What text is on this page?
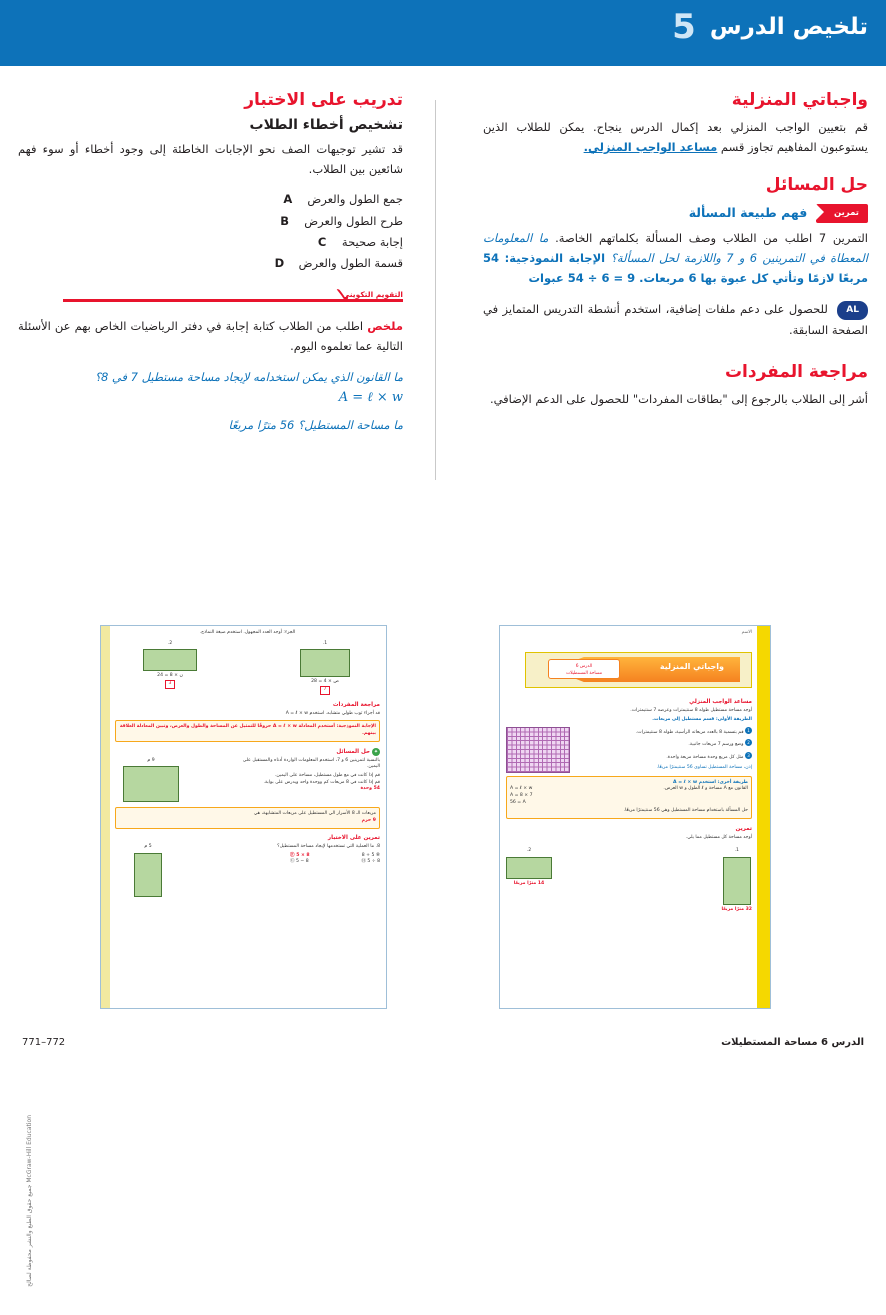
تلخيص الدرس
5
واجباتي المنزلية

قم بتعيين الواجب المنزلي بعد إكمال الدرس ينجاح. يمكن للطلاب الذين يستوعبون المفاهيم تجاوز قسم مساعد الواجب المنزلي.

حل المسائل

تمرين فهم طبيعة المسألة

التمرين 7 اطلب من الطلاب وصف المسألة بكلماتهم الخاصة. ما المعلومات المعطاة في التمرينين 6 و 7 واللازمة لحل المسألة؟ الإجابة النموذجية: 54 مربعًا لازمًا وتأتي كل عبوة بها 6 مربعات. 9 = 6 ÷ 54 عبوات

AL للحصول على دعم ملفات إضافية، استخدم أنشطة التدريس المتمايز في الصفحة السابقة.

مراجعة المفردات

أشر إلى الطلاب بالرجوع إلى "بطاقات المفردات" للحصول على الدعم الإضافي.

تدريب على الاختبار
تشخيص أخطاء الطلاب

قد تشير توجيهات الصف نحو الإجابات الخاطئة إلى وجود أخطاء أو سوء فهم شائعين بين الطلاب.

A	جمع الطول والعرض
B	طرح الطول والعرض
C	إجابة صحيحة
D	قسمة الطول والعرض
التقويم التكويني
✓

ملخص اطلب من الطلاب كتابة إجابة في دفتر الرياضيات الخاص بهم عن الأسئلة التالية عما تعلموه اليوم.

ما القانون الذي يمكن استخدامه لإيجاد مساحة مستطيل 7 في 8؟

A = ℓ × w

ما مساحة المستطيل؟ 56 مترًا مربعًا

الاسم
واجباتي المنزلية
الدرس 6
مساحة المستطيلات
مساعد الواجب المنزلي
أوجد مساحة مستطيل طوله 8 سنتيمترات وعرضه 7 سنتيمترات.
الطريقة الأولى: قسم مستطيل إلى مربعات.
1 قم بتسمية 8 بالعدد مربعاته الرأسية، طوله 8 سنتيمترات.
2 وضع ورسم 7 مربعات جانبية.
3 مثل كل مربع وحدة مساحة مربعة واحدة.
إذن، مساحة المستطيل تساوي 56 سنتيمترًا مربعًا.
طريقة أخرى: استخدم A = ℓ × w
القانون مع A مساحة و ℓ الطول و w العرض.
A = ℓ × w
A = 8 × 7
56 = A
حل المسألة باستخدام مساحة المستطيل وهي 56 سنتيمترًا مربعًا.
تمرين
أوجد مساحة كل مستطيل مما يلي.
1.
32 مترًا مربعًا
2.
14 مترًا مربعًا
الجزء: أوجد العدد المجهول. استخدم صيغة النماذج.
1.
28 = 4 × ص
7
2.
24 = 8 × ن
3
مراجعة المفردات
قد أجزاء ثوب طولي متشابه. استخدم A = ℓ × w
الإجابة النموذجية: أستخدم المعادلة A = ℓ × w حروفًا للتمثيل عن المساحة والطول والعرض، وتبين المعادلة العلاقة بينهم.
✦ حل المسائل
بالنسبة لتمرينين 6 و 7، استخدم المعلومات الواردة أدناه والمستقبل على اليمين.
قم إذا كانت في مع طول مستطيل، مساحة على اليمين.
قم إذا كانت في 8 مربعات كم ووحدة واحد ويدرس على بوابة.
54 وحدة
9 م
مربعات الـ 8 الأسرار الي المستطيل على مربعات المتشابهة، هي
9 حزم
تمرين على الاختبار
8. ما العملية التي تستخدمها لإيجاد مساحة المستطيل؟
⑧ 5 + 8
Ⓕ 5 × 8
Ⓗ 5 ÷ 8
Ⓖ 5 − 8
5 م
McGraw-Hill Education جميع حقوق الطبع والنشر محفوظة لصالح
الدرس 6 مساحة المستطيلات
771–772
